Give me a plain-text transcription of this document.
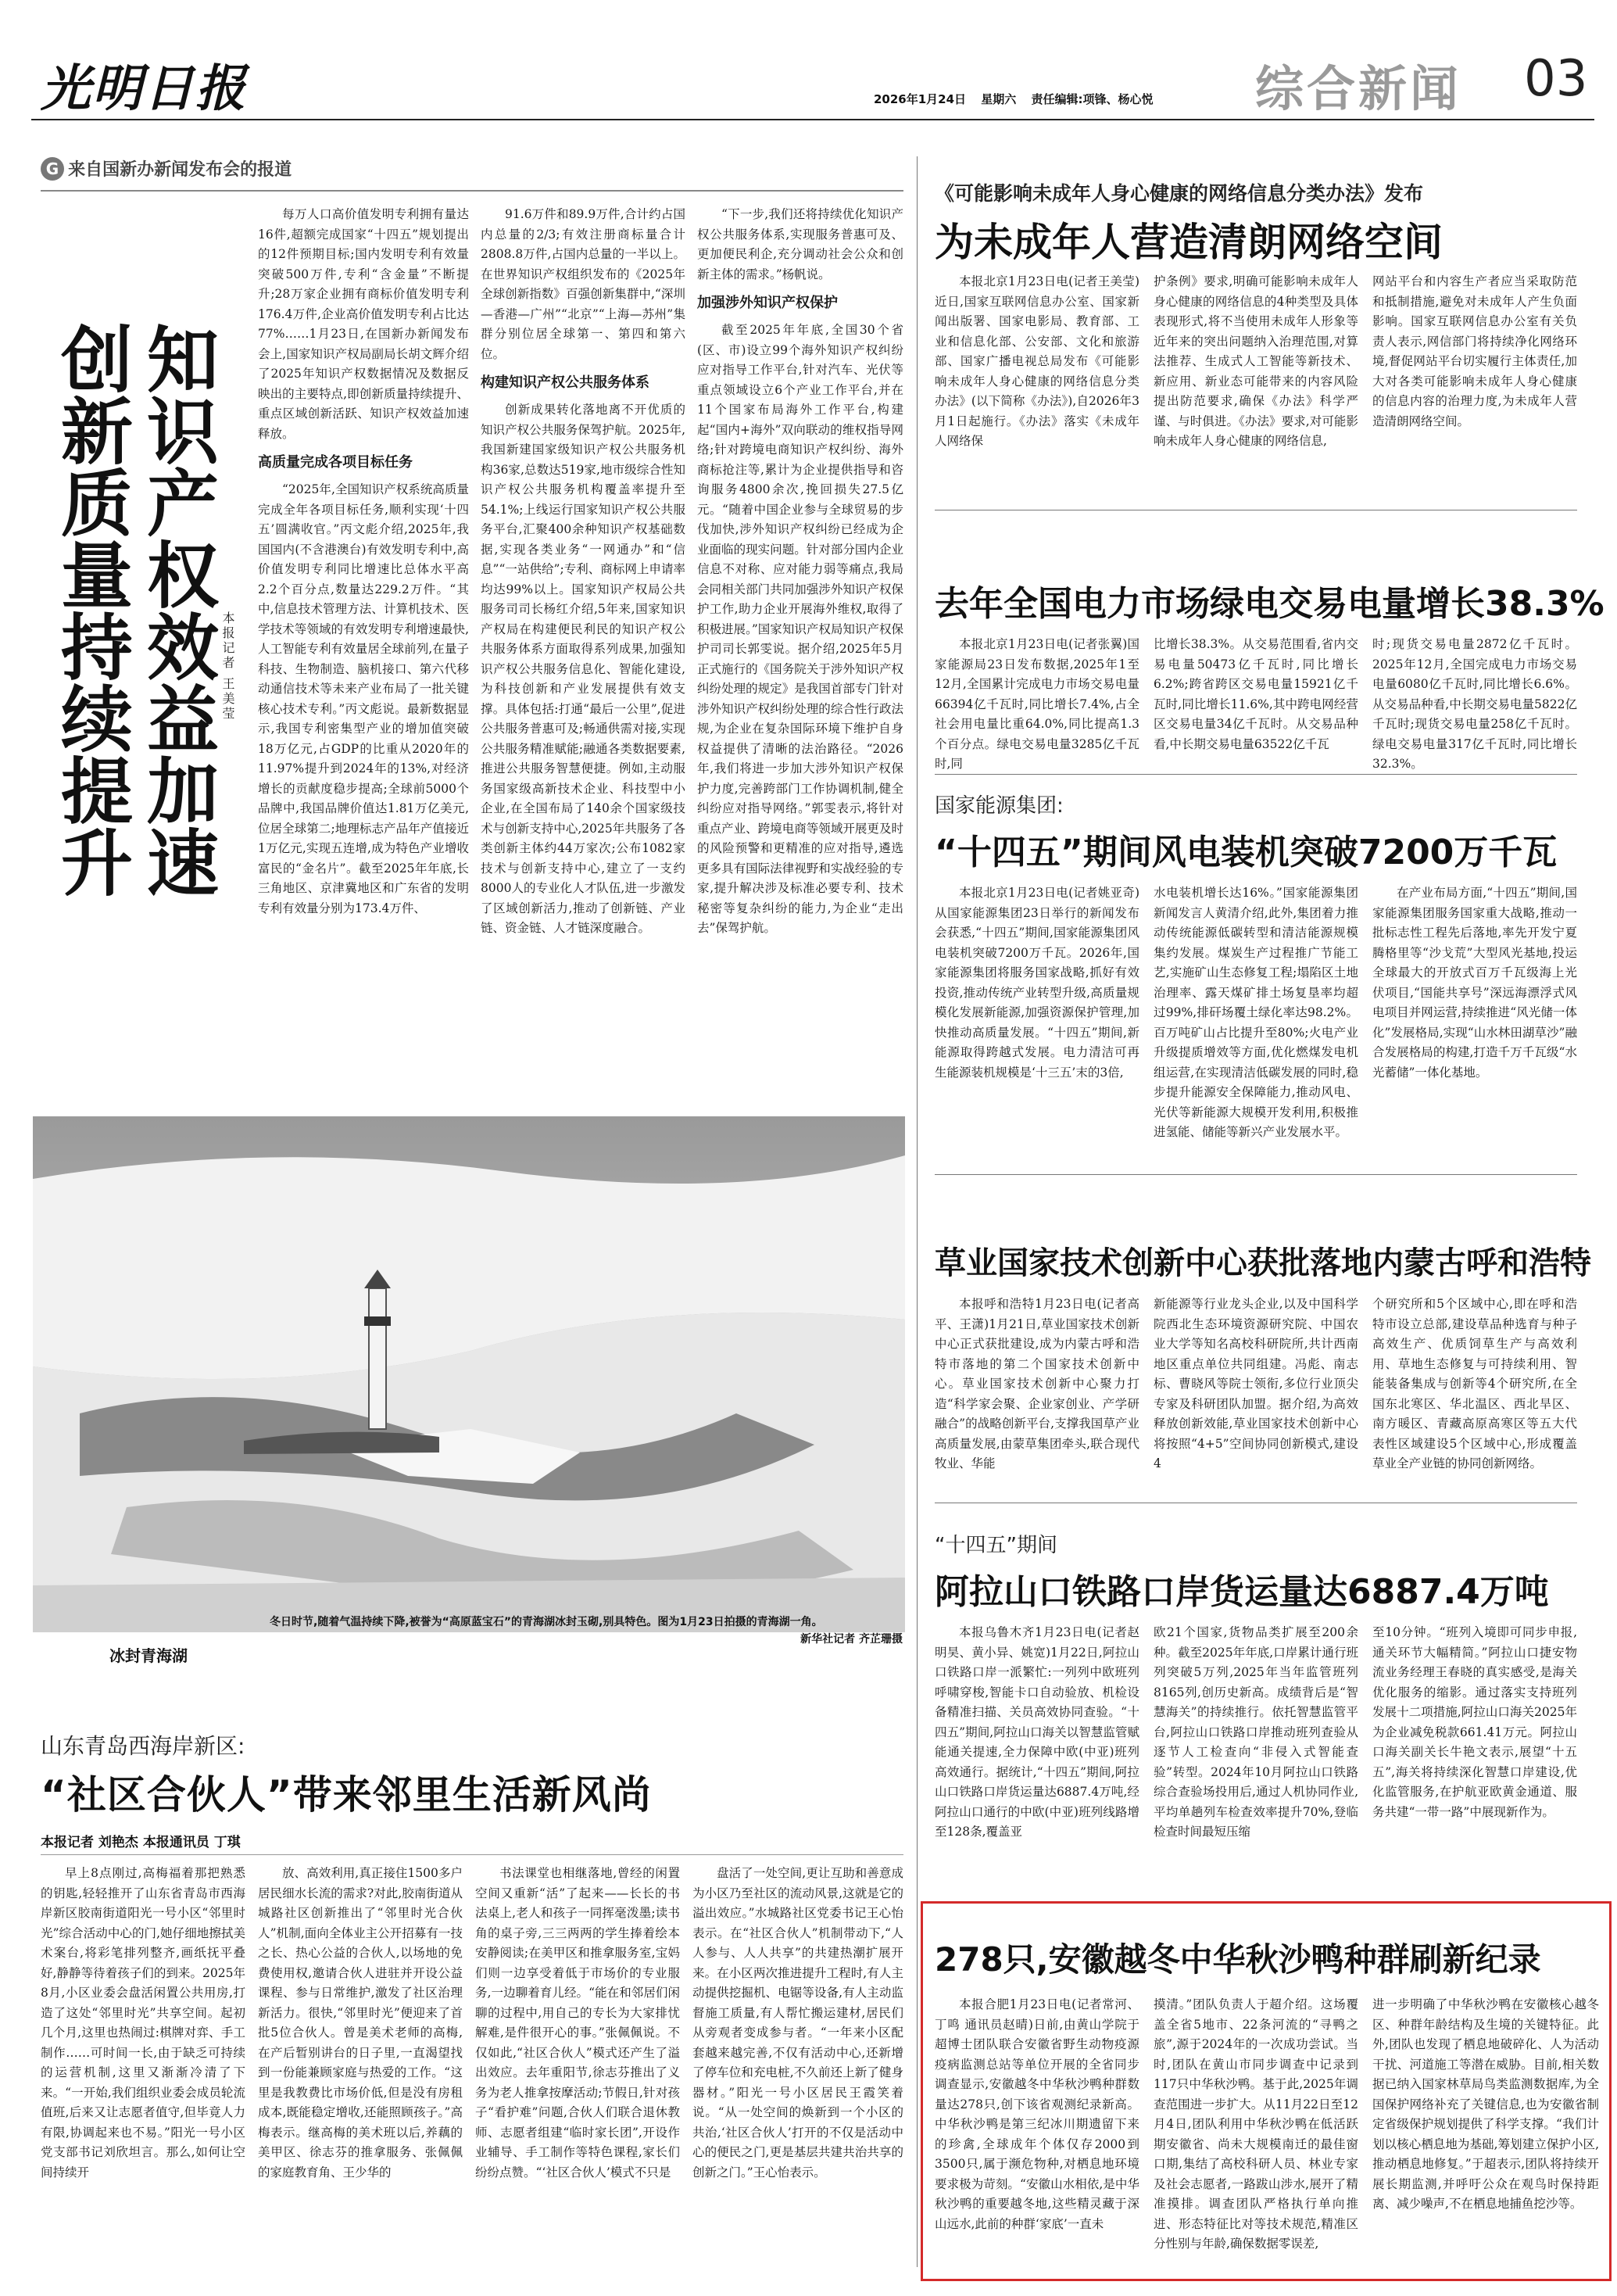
光明日报	2026年1月24日 星期六 责任编辑:项锋、杨心悦 综合新闻 03
G 来自国新办新闻发布会的报道
知识产权效益加速
创新质量持续提升	本报记者 王美莹

每万人口高价值发明专利拥有量达16件,超额完成国家“十四五”规划提出的12件预期目标;国内发明专利有效量突破500万件,专利“含金量”不断提升;28万家企业拥有商标价值发明专利176.4万件,企业高价值发明专利占比达77%……1月23日,在国新办新闻发布会上,国家知识产权局副局长胡文辉介绍了2025年知识产权数据情况及数据反映出的主要特点,即创新质量持续提升、重点区域创新活跃、知识产权效益加速释放。

高质量完成各项目标任务

“2025年,全国知识产权系统高质量完成全年各项目标任务,顺利实现‘十四五’圆满收官。”丙文彪介绍,2025年,我国国内(不含港澳台)有效发明专利中,高价值发明专利同比增速比总体水平高2.2个百分点,数量达229.2万件。“其中,信息技术管理方法、计算机技术、医学技术等领域的有效发明专利增速最快,人工智能专利有效量居全球前列,在量子科技、生物制造、脑机接口、第六代移动通信技术等未来产业布局了一批关键核心技术专利。”丙文彪说。最新数据显示,我国专利密集型产业的增加值突破18万亿元,占GDP的比重从2020年的11.97%提升到2024年的13%,对经济增长的贡献度稳步提高;全球前5000个品牌中,我国品牌价值达1.81万亿美元,位居全球第二;地理标志产品年产值接近1万亿元,实现五连增,成为特色产业增收富民的“金名片”。截至2025年年底,长三角地区、京津冀地区和广东省的发明专利有效量分别为173.4万件、

91.6万件和89.9万件,合计约占国内总量的2/3;有效注册商标量合计2808.8万件,占国内总量的一半以上。在世界知识产权组织发布的《2025年全球创新指数》百强创新集群中,“深圳—香港—广州”“北京”“上海—苏州”集群分别位居全球第一、第四和第六位。

构建知识产权公共服务体系

创新成果转化落地离不开优质的知识产权公共服务保驾护航。2025年,我国新建国家级知识产权公共服务机构36家,总数达519家,地市级综合性知识产权公共服务机构覆盖率提升至54.1%;上线运行国家知识产权公共服务平台,汇聚400余种知识产权基础数据,实现各类业务“一网通办”和“信息”“一站供给”;专利、商标网上申请率均达99%以上。国家知识产权局公共服务司司长杨红介绍,5年来,国家知识产权局在构建便民利民的知识产权公共服务体系方面取得系列成果,加强知识产权公共服务信息化、智能化建设,为科技创新和产业发展提供有效支撑。具体包括:打通“最后一公里”,促进公共服务普惠可及;畅通供需对接,实现公共服务精准赋能;融通各类数据要素,推进公共服务智慧便捷。例如,主动服务国家级高新技术企业、科技型中小企业,在全国布局了140余个国家级技术与创新支持中心,2025年共服务了各类创新主体约44万家次;公布1082家技术与创新支持中心,建立了一支约8000人的专业化人才队伍,进一步激发了区域创新活力,推动了创新链、产业链、资金链、人才链深度融合。

“下一步,我们还将持续优化知识产权公共服务体系,实现服务普惠可及、更加便民利企,充分调动社会公众和创新主体的需求。”杨帆说。

加强涉外知识产权保护

截至2025年年底,全国30个省(区、市)设立99个海外知识产权纠纷应对指导工作平台,针对汽车、光伏等重点领域设立6个产业工作平台,并在11个国家布局海外工作平台,构建起“国内+海外”双向联动的维权指导网络;针对跨境电商知识产权纠纷、海外商标抢注等,累计为企业提供指导和咨询服务4800余次,挽回损失27.5亿元。“随着中国企业参与全球贸易的步伐加快,涉外知识产权纠纷已经成为企业面临的现实问题。针对部分国内企业信息不对称、应对能力弱等痛点,我局会同相关部门共同加强涉外知识产权保护工作,助力企业开展海外维权,取得了积极进展。”国家知识产权局知识产权保护司司长郭雯说。据介绍,2025年5月正式施行的《国务院关于涉外知识产权纠纷处理的规定》是我国首部专门针对涉外知识产权纠纷处理的综合性行政法规,为企业在复杂国际环境下维护自身权益提供了清晰的法治路径。“2026年,我们将进一步加大涉外知识产权保护力度,完善跨部门工作协调机制,健全纠纷应对指导网络。”郭雯表示,将针对重点产业、跨境电商等领域开展更及时的风险预警和更精准的应对指导,遴选更多具有国际法律视野和实战经验的专家,提升解决涉及标准必要专利、技术秘密等复杂纠纷的能力,为企业“走出去”保驾护航。

冰封青海湖
冬日时节,随着气温持续下降,被誉为“高原蓝宝石”的青海湖冰封玉砌,别具特色。图为1月23日拍摄的青海湖一角。
新华社记者 齐芷珊摄
山东青岛西海岸新区:
“社区合伙人”带来邻里生活新风尚
本报记者 刘艳杰 本报通讯员 丁琪

早上8点刚过,高梅福着那把熟悉的钥匙,轻轻推开了山东省青岛市西海岸新区胶南街道阳光一号小区“邻里时光”综合活动中心的门,她仔细地擦拭美术案台,将彩笔排列整齐,画纸抚平叠好,静静等待着孩子们的到来。2025年8月,小区业委会盘活闲置公共用房,打造了这处“邻里时光”共享空间。起初几个月,这里也热闹过:棋牌对弈、手工制作……可时间一长,由于缺乏可持续的运营机制,这里又渐渐冷清了下来。“一开始,我们组织业委会成员轮流值班,后来又让志愿者值守,但毕竟人力有限,协调起来也不易。”阳光一号小区党支部书记刘欣坦言。那么,如何让空间持续开

放、高效利用,真正接住1500多户居民细水长流的需求?对此,胶南街道从城路社区创新推出了“邻里时光合伙人”机制,面向全体业主公开招募有一技之长、热心公益的合伙人,以场地的免费使用权,邀请合伙人进驻并开设公益课程、参与日常维护,激发了社区治理新活力。很快,“邻里时光”便迎来了首批5位合伙人。曾是美术老师的高梅,在产后暂别讲台的日子里,一直渴望找到一份能兼顾家庭与热爱的工作。“这里是我教费比市场价低,但是没有房租成本,既能稳定增收,还能照顾孩子。”高梅表示。继高梅的美术班以后,养藕的美甲区、徐志芬的推拿服务、张佩佩的家庭教育角、王少华的

书法课堂也相继落地,曾经的闲置空间又重新“活”了起来——长长的书法桌上,老人和孩子一同挥毫泼墨;读书角的桌子旁,三三两两的学生捧着绘本安静阅读;在美甲区和推拿服务室,宝妈们则一边享受着低于市场价的专业服务,一边聊着育儿经。“能在和邻居们闲聊的过程中,用自己的专长为大家排忧解难,是件很开心的事。”张佩佩说。不仅如此,“社区合伙人”模式还产生了溢出效应。去年重阳节,徐志芬推出了义务为老人推拿按摩活动;节假日,针对孩子“看护难”问题,合伙人们联合退休教师、志愿者组建“临时家长团”,开设作业辅导、手工制作等特色课程,家长们纷纷点赞。“‘社区合伙人’模式不只是

盘活了一处空间,更让互助和善意成为小区乃至社区的流动风景,这就是它的溢出效应。”水城路社区党委书记王心怡表示。在“社区合伙人”机制带动下,“人人参与、人人共享”的共建热潮扩展开来。在小区两次推进提升工程时,有人主动提供挖掘机、电锯等设备,有人主动监督施工质量,有人帮忙搬运建材,居民们从旁观者变成参与者。“一年来小区配套越来越完善,不仅有活动中心,还新增了停车位和充电桩,不久前还上新了健身器材。”阳光一号小区居民王霞笑着说。“从一处空间的焕新到一个小区的共治,‘社区合伙人’打开的不仅是活动中心的便民之门,更是基层共建共治共享的创新之门。”王心怡表示。

《可能影响未成年人身心健康的网络信息分类办法》发布
为未成年人营造清朗网络空间

本报北京1月23日电(记者王美莹)近日,国家互联网信息办公室、国家新闻出版署、国家电影局、教育部、工业和信息化部、公安部、文化和旅游部、国家广播电视总局发布《可能影响未成年人身心健康的网络信息分类办法》(以下简称《办法》),自2026年3月1日起施行。《办法》落实《未成年人网络保

护条例》要求,明确可能影响未成年人身心健康的网络信息的4种类型及具体表现形式,将不当使用未成年人形象等近年来的突出问题纳入治理范围,对算法推荐、生成式人工智能等新技术、新应用、新业态可能带来的内容风险提出防范要求,确保《办法》科学严谨、与时俱进。《办法》要求,对可能影响未成年人身心健康的网络信息,

网站平台和内容生产者应当采取防范和抵制措施,避免对未成年人产生负面影响。国家互联网信息办公室有关负责人表示,网信部门将持续净化网络环境,督促网站平台切实履行主体责任,加大对各类可能影响未成年人身心健康的信息内容的治理力度,为未成年人营造清朗网络空间。

去年全国电力市场绿电交易电量增长38.3%

本报北京1月23日电(记者张翼)国家能源局23日发布数据,2025年1至12月,全国累计完成电力市场交易电量66394亿千瓦时,同比增长7.4%,占全社会用电量比重64.0%,同比提高1.3个百分点。绿电交易电量3285亿千瓦时,同

比增长38.3%。从交易范围看,省内交易电量50473亿千瓦时,同比增长6.2%;跨省跨区交易电量15921亿千瓦时,同比增长11.6%,其中跨电网经营区交易电量34亿千瓦时。从交易品种看,中长期交易电量63522亿千瓦

时;现货交易电量2872亿千瓦时。2025年12月,全国完成电力市场交易电量6080亿千瓦时,同比增长6.6%。从交易品种看,中长期交易电量5822亿千瓦时;现货交易电量258亿千瓦时。绿电交易电量317亿千瓦时,同比增长32.3%。

国家能源集团:
“十四五”期间风电装机突破7200万千瓦

本报北京1月23日电(记者姚亚奇)从国家能源集团23日举行的新闻发布会获悉,“十四五”期间,国家能源集团风电装机突破7200万千瓦。2026年,国家能源集团将服务国家战略,抓好有效投资,推动传统产业转型升级,高质量规模化发展新能源,加强资源保护管理,加快推动高质量发展。“十四五”期间,新能源取得跨越式发展。电力清洁可再生能源装机规模是‘十三五’末的3倍,

水电装机增长达16%。”国家能源集团新闻发言人黄清介绍,此外,集团着力推动传统能源低碳转型和清洁能源规模集约发展。煤炭生产过程推广节能工艺,实施矿山生态修复工程;塌陷区土地治理率、露天煤矿排土场复垦率均超过99%,排矸场覆土绿化率达98.2%。百万吨矿山占比提升至80%;火电产业升级提质增效等方面,优化燃煤发电机组运营,在实现清洁低碳发展的同时,稳步提升能源安全保障能力,推动风电、光伏等新能源大规模开发利用,积极推进氢能、储能等新兴产业发展水平。

在产业布局方面,“十四五”期间,国家能源集团服务国家重大战略,推动一批标志性工程先后落地,率先开发宁夏腾格里等“沙戈荒”大型风光基地,投运全球最大的开放式百万千瓦级海上光伏项目,“国能共享号”深远海漂浮式风电项目并网运营,持续推进“风光储一体化”发展格局,实现“山水林田湖草沙”融合发展格局的构建,打造千万千瓦级“水光蓄储”一体化基地。

草业国家技术创新中心获批落地内蒙古呼和浩特

本报呼和浩特1月23日电(记者高平、王潇)1月21日,草业国家技术创新中心正式获批建设,成为内蒙古呼和浩特市落地的第二个国家技术创新中心。草业国家技术创新中心聚力打造“科学家会聚、企业家创业、产学研融合”的战略创新平台,支撑我国草产业高质量发展,由蒙草集团牵头,联合现代牧业、华能

新能源等行业龙头企业,以及中国科学院西北生态环境资源研究院、中国农业大学等知名高校科研院所,共计西南地区重点单位共同组建。冯彪、南志标、曹晓风等院士领衔,多位行业顶尖专家及科研团队加盟。据介绍,为高效释放创新效能,草业国家技术创新中心将按照“4+5”空间协同创新模式,建设4

个研究所和5个区域中心,即在呼和浩特市设立总部,建设草品种选育与种子高效生产、优质饲草生产与高效利用、草地生态修复与可持续利用、智能装备集成与创新等4个研究所,在全国东北寒区、华北温区、西北旱区、南方暖区、青藏高原高寒区等五大代表性区域建设5个区域中心,形成覆盖草业全产业链的协同创新网络。

“十四五”期间
阿拉山口铁路口岸货运量达6887.4万吨

本报乌鲁木齐1月23日电(记者赵明昊、黄小异、姚宽)1月22日,阿拉山口铁路口岸一派繁忙:一列列中欧班列呼啸穿梭,智能卡口自动验放、机检设备精准扫描、关员高效协同查验。“十四五”期间,阿拉山口海关以智慧监管赋能通关提速,全力保障中欧(中亚)班列高效通行。据统计,“十四五”期间,阿拉山口铁路口岸货运量达6887.4万吨,经阿拉山口通行的中欧(中亚)班列线路增至128条,覆盖亚

欧21个国家,货物品类扩展至200余种。截至2025年年底,口岸累计通行班列突破5万列,2025年当年监管班列8165列,创历史新高。成绩背后是“智慧海关”的持续推行。依托智慧监管平台,阿拉山口铁路口岸推动班列查验从逐节人工检查向“非侵入式智能查验”转型。2024年10月阿拉山口铁路综合查验场投用后,通过人机协同作业,平均单趟列车检查效率提升70%,登临检查时间最短压缩

至10分钟。“班列入境即可同步申报,通关环节大幅精简。”阿拉山口捷安物流业务经理王春晓的真实感受,是海关优化服务的缩影。通过落实支持班列发展十二项措施,阿拉山口海关2025年为企业减免税款661.41万元。阿拉山口海关副关长牛艳文表示,展望“十五五”,海关将持续深化智慧口岸建设,优化监管服务,在护航亚欧黄金通道、服务共建“一带一路”中展现新作为。

278只,安徽越冬中华秋沙鸭种群刷新纪录

本报合肥1月23日电(记者常河、丁鸣 通讯员赵晴)日前,由黄山学院于超博士团队联合安徽省野生动物疫源疫病监测总站等单位开展的全省同步调查显示,安徽越冬中华秋沙鸭种群数量达278只,创下该省观测纪录新高。中华秋沙鸭是第三纪冰川期遗留下来的珍禽,全球成年个体仅存2000到3500只,属于濒危物种,对栖息地环境要求极为苛刻。“安徽山水相依,是中华秋沙鸭的重要越冬地,这些精灵藏于深山远水,此前的种群‘家底’一直未

摸清。”团队负责人于超介绍。这场覆盖全省5地市、22条河流的“寻鸭之旅”,源于2024年的一次成功尝试。当时,团队在黄山市同步调查中记录到117只中华秋沙鸭。基于此,2025年调查范围进一步扩大。从11月22日至12月4日,团队利用中华秋沙鸭在低活跃期安徽省、尚未大规模南迁的最佳窗口期,集结了高校科研人员、林业专家及社会志愿者,一路跋山涉水,展开了精准摸排。调查团队严格执行单向推进、形态特征比对等技术规范,精准区分性别与年龄,确保数据零误差,

进一步明确了中华秋沙鸭在安徽核心越冬区、种群年龄结构及生境的关键特征。此外,团队也发现了栖息地破碎化、人为活动干扰、河道施工等潜在威胁。目前,相关数据已纳入国家林草局鸟类监测数据库,为全国保护网络补充了关键信息,也为安徽省制定省级保护规划提供了科学支撑。“我们计划以核心栖息地为基础,筹划建立保护小区,推动栖息地修复。”于超表示,团队将持续开展长期监测,并呼吁公众在观鸟时保持距离、减少噪声,不在栖息地捕鱼挖沙等。
